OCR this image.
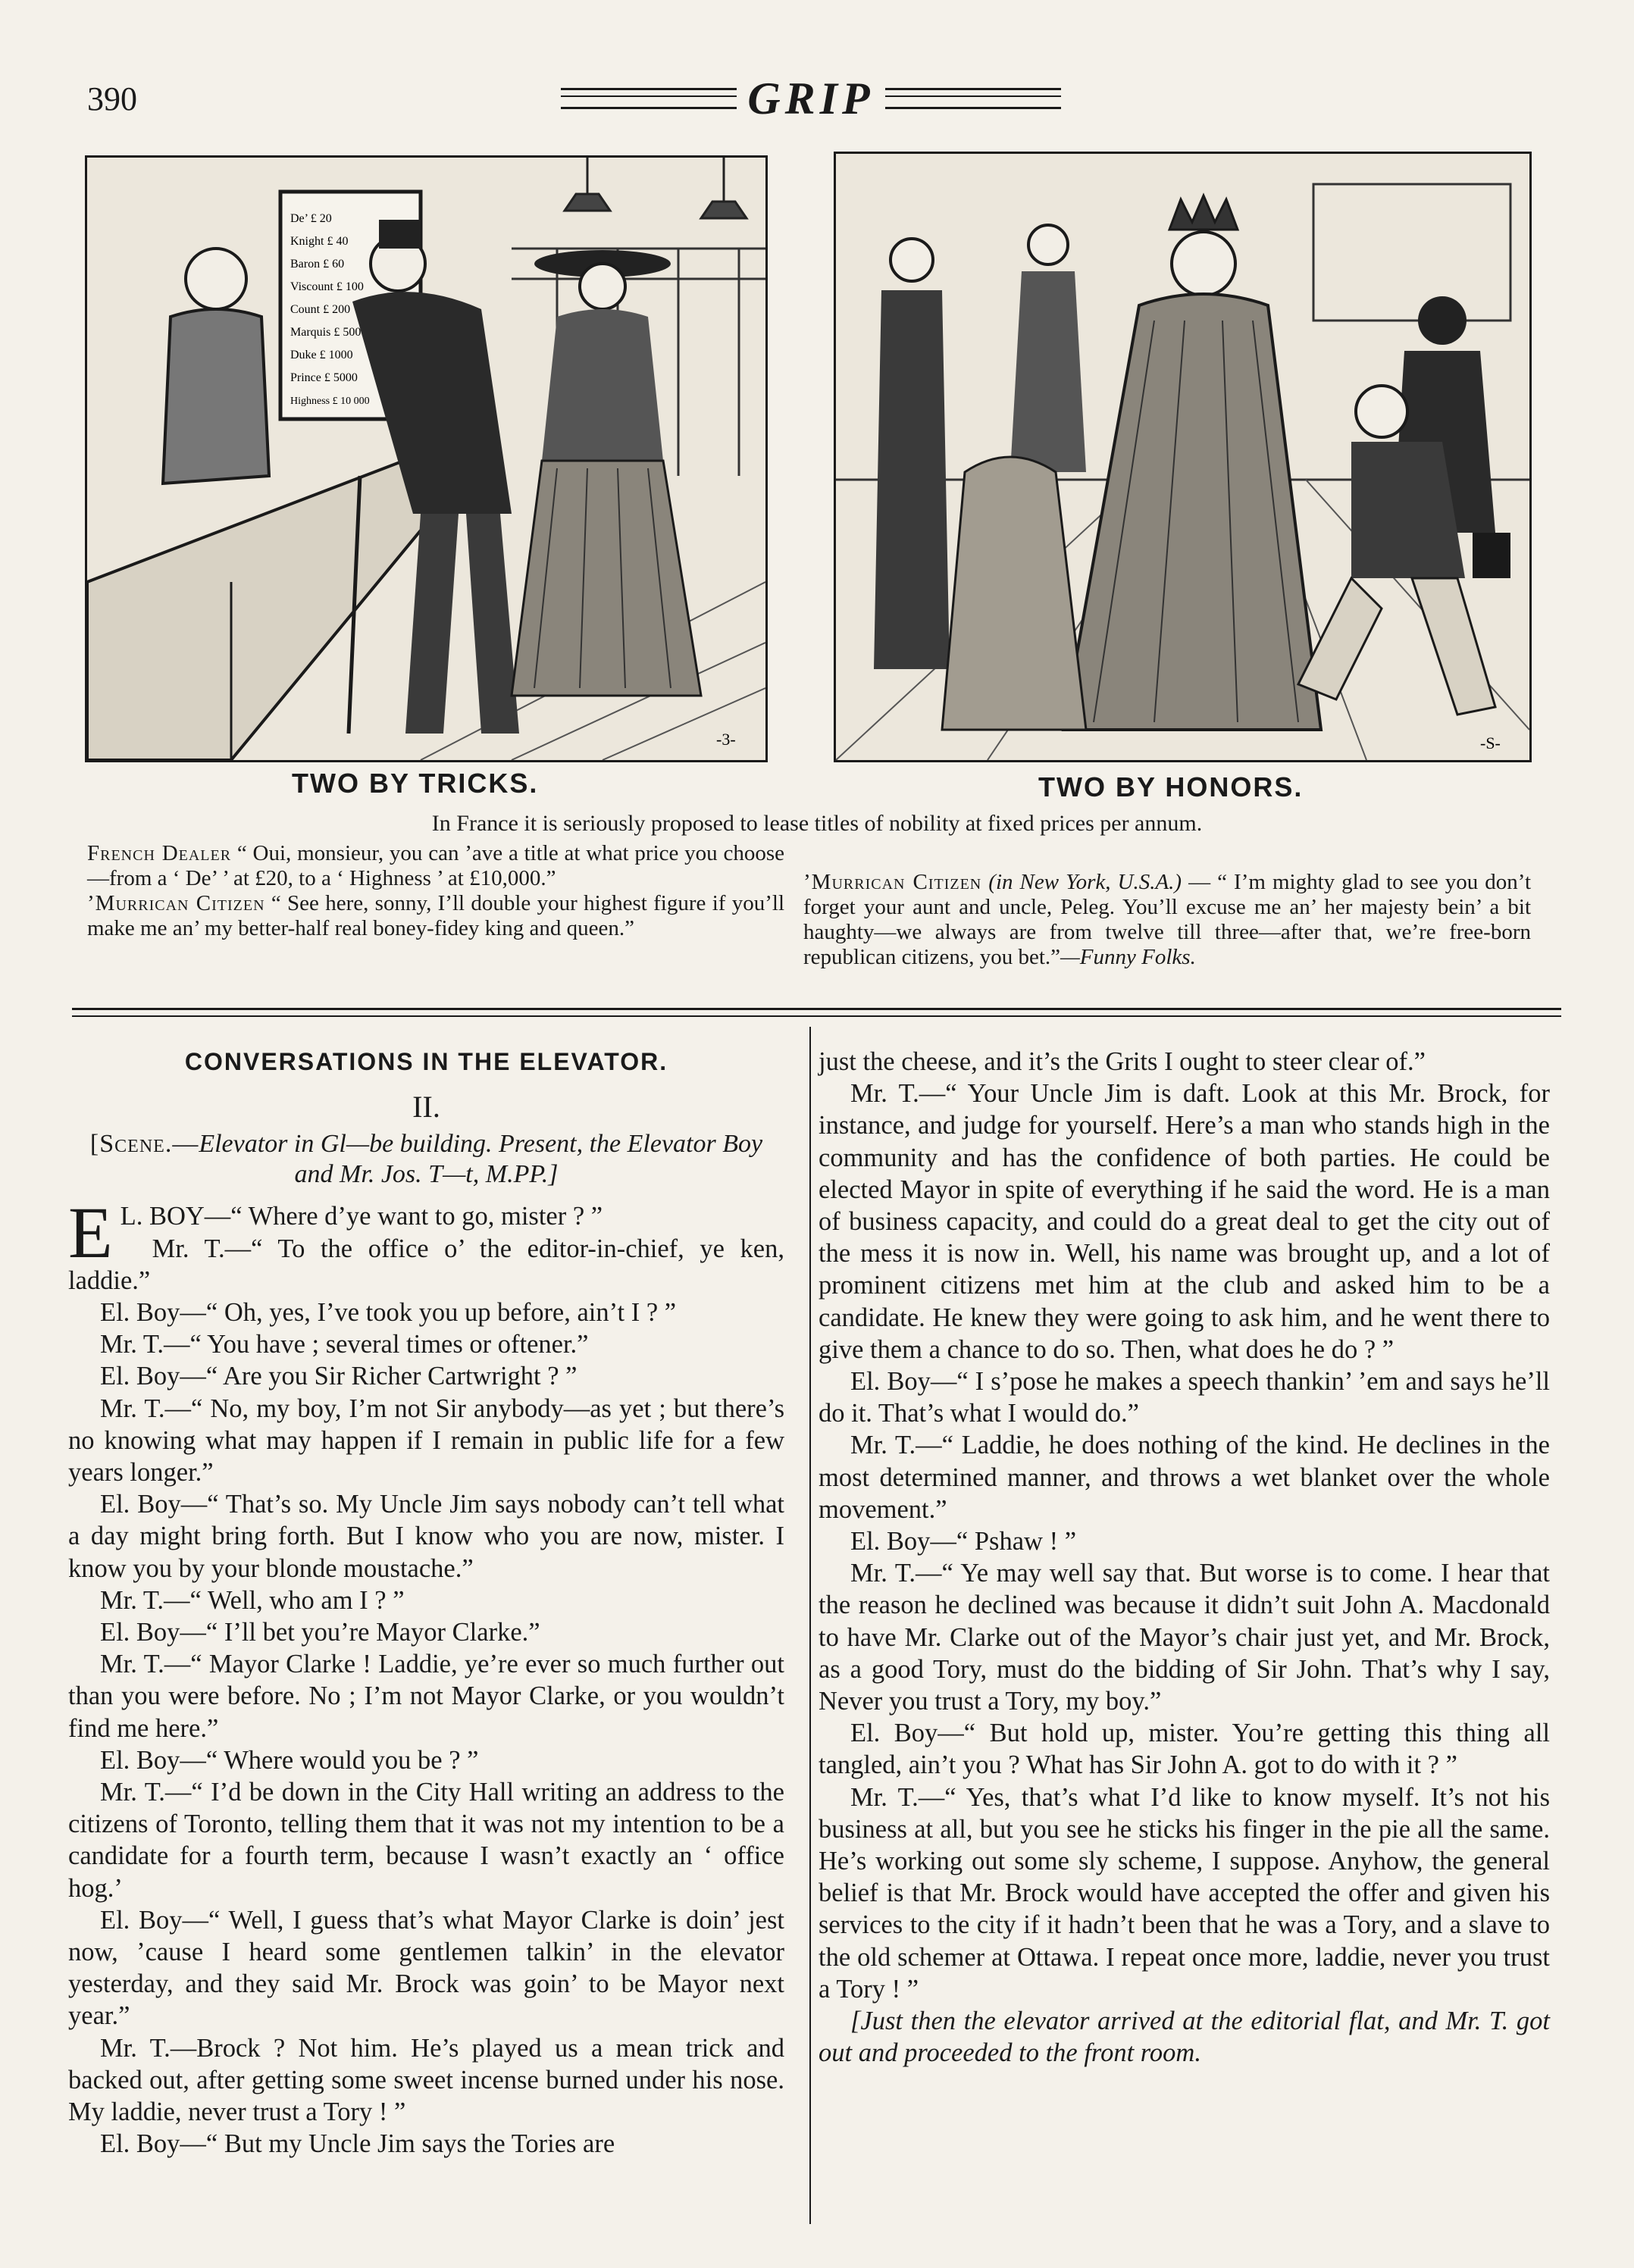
390	GRIP
De’ £ 20
Knight £ 40
Baron £ 60
Viscount £ 100
Count £ 200
Marquis £ 500
Duke £ 1000
Prince £ 5000
Highness £ 10 000
-3-	-S-
TWO BY TRICKS.	TWO BY HONORS.
In France it is seriously proposed to lease titles of nobility at fixed prices per annum.

French Dealer “ Oui, monsieur, you can ’ave a title at what price you choose—from a ‘ De’ ’ at £20, to a ‘ Highness ’ at £10,000.”

’Murrican Citizen “ See here, sonny, I’ll double your highest figure if you’ll make me an’ my better-half real boney-fidey king and queen.”

’Murrican Citizen (in New York, U.S.A.) — “ I’m mighty glad to see you don’t forget your aunt and uncle, Peleg. You’ll excuse me an’ her majesty bein’ a bit haughty—we always are from twelve till three—after that, we’re free-born republican citizens, you bet.”—Funny Folks.

CONVERSATIONS IN THE ELEVATOR.
II.
[Scene.—Elevator in Gl—be building. Present, the Elevator Boy and Mr. Jos. T—t, M.PP.]

E L. BOY—“ Where d’ye want to go, mister ? ”

Mr. T.—“ To the office o’ the editor-in-chief, ye ken, laddie.”

El. Boy—“ Oh, yes, I’ve took you up before, ain’t I ? ”

Mr. T.—“ You have ; several times or oftener.”

El. Boy—“ Are you Sir Richer Cartwright ? ”

Mr. T.—“ No, my boy, I’m not Sir anybody—as yet ; but there’s no knowing what may happen if I remain in public life for a few years longer.”

El. Boy—“ That’s so. My Uncle Jim says nobody can’t tell what a day might bring forth. But I know who you are now, mister. I know you by your blonde moustache.”

Mr. T.—“ Well, who am I ? ”

El. Boy—“ I’ll bet you’re Mayor Clarke.”

Mr. T.—“ Mayor Clarke ! Laddie, ye’re ever so much further out than you were before. No ; I’m not Mayor Clarke, or you wouldn’t find me here.”

El. Boy—“ Where would you be ? ”

Mr. T.—“ I’d be down in the City Hall writing an address to the citizens of Toronto, telling them that it was not my intention to be a candidate for a fourth term, because I wasn’t exactly an ‘ office hog.’

El. Boy—“ Well, I guess that’s what Mayor Clarke is doin’ jest now, ’cause I heard some gentlemen talkin’ in the elevator yesterday, and they said Mr. Brock was goin’ to be Mayor next year.”

Mr. T.—Brock ? Not him. He’s played us a mean trick and backed out, after getting some sweet incense burned under his nose. My laddie, never trust a Tory ! ”

El. Boy—“ But my Uncle Jim says the Tories are

just the cheese, and it’s the Grits I ought to steer clear of.”

Mr. T.—“ Your Uncle Jim is daft. Look at this Mr. Brock, for instance, and judge for yourself. Here’s a man who stands high in the community and has the confidence of both parties. He could be elected Mayor in spite of everything if he said the word. He is a man of business capacity, and could do a great deal to get the city out of the mess it is now in. Well, his name was brought up, and a lot of prominent citizens met him at the club and asked him to be a candidate. He knew they were going to ask him, and he went there to give them a chance to do so. Then, what does he do ? ”

El. Boy—“ I s’pose he makes a speech thankin’ ’em and says he’ll do it. That’s what I would do.”

Mr. T.—“ Laddie, he does nothing of the kind. He declines in the most determined manner, and throws a wet blanket over the whole movement.”

El. Boy—“ Pshaw ! ”

Mr. T.—“ Ye may well say that. But worse is to come. I hear that the reason he declined was because it didn’t suit John A. Macdonald to have Mr. Clarke out of the Mayor’s chair just yet, and Mr. Brock, as a good Tory, must do the bidding of Sir John. That’s why I say, Never you trust a Tory, my boy.”

El. Boy—“ But hold up, mister. You’re getting this thing all tangled, ain’t you ? What has Sir John A. got to do with it ? ”

Mr. T.—“ Yes, that’s what I’d like to know myself. It’s not his business at all, but you see he sticks his finger in the pie all the same. He’s working out some sly scheme, I suppose. Anyhow, the general belief is that Mr. Brock would have accepted the offer and given his services to the city if it hadn’t been that he was a Tory, and a slave to the old schemer at Ottawa. I repeat once more, laddie, never you trust a Tory ! ”

[Just then the elevator arrived at the editorial flat, and Mr. T. got out and proceeded to the front room.
